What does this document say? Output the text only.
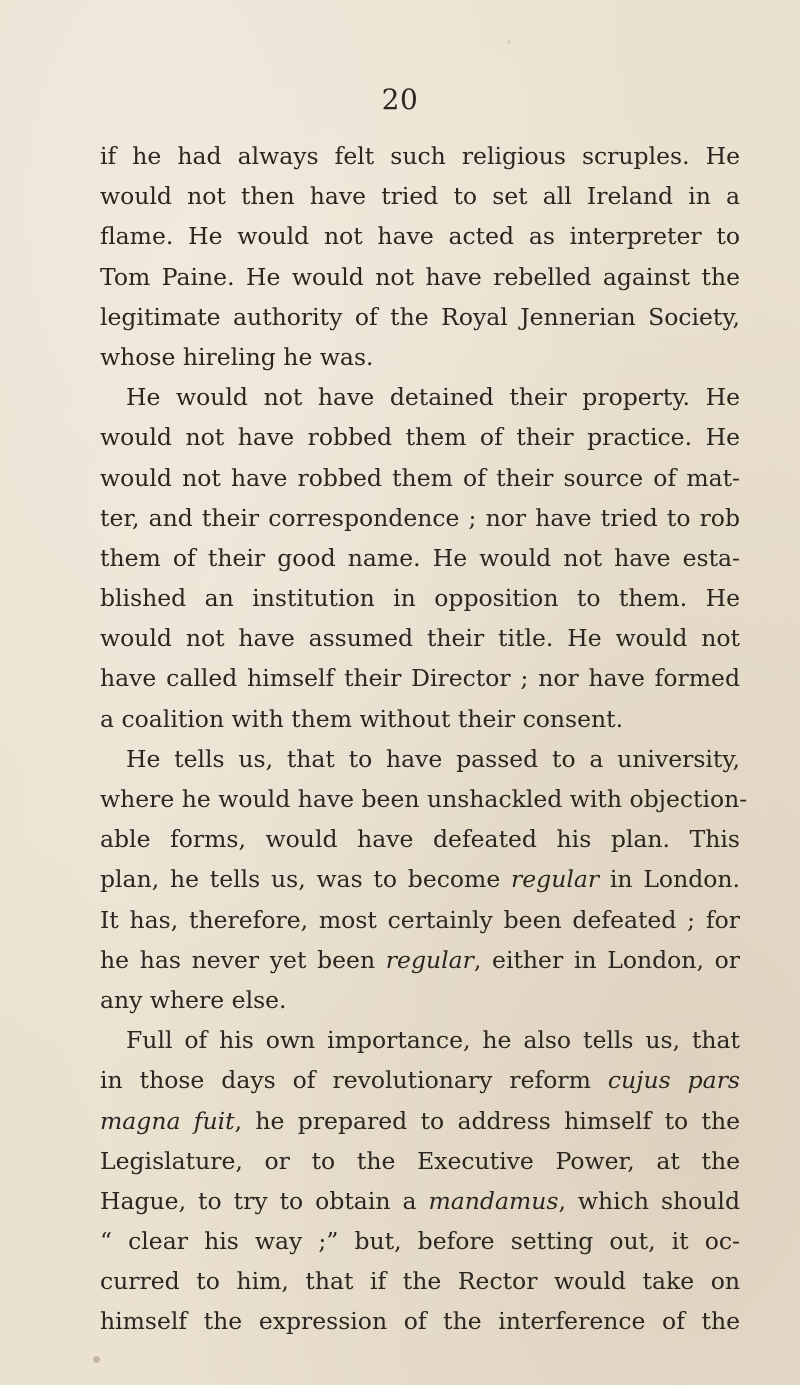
20
if he had always felt such religious scruples. He
would not then have tried to set all Ireland in a
flame. He would not have acted as interpreter to
Tom Paine. He would not have rebelled against the
legitimate authority of the Royal Jennerian Society,
whose hireling he was.
He would not have detained their property. He
would not have robbed them of their practice. He
would not have robbed them of their source of mat-
ter, and their correspondence ; nor have tried to rob
them of their good name. He would not have esta-
blished an institution in opposition to them. He
would not have assumed their title. He would not
have called himself their Director ; nor have formed
a coalition with them without their consent.
He tells us, that to have passed to a university,
where he would have been unshackled with objection-
able forms, would have defeated his plan. This
plan, he tells us, was to become regular in London.
It has, therefore, most certainly been defeated ; for
he has never yet been regular, either in London, or
any where else.
Full of his own importance, he also tells us, that
in those days of revolutionary reform cujus pars
magna fuit, he prepared to address himself to the
Legislature, or to the Executive Power, at the
Hague, to try to obtain a mandamus, which should
“ clear his way ;” but, before setting out, it oc-
curred to him, that if the Rector would take on
himself the expression of the interference of the
